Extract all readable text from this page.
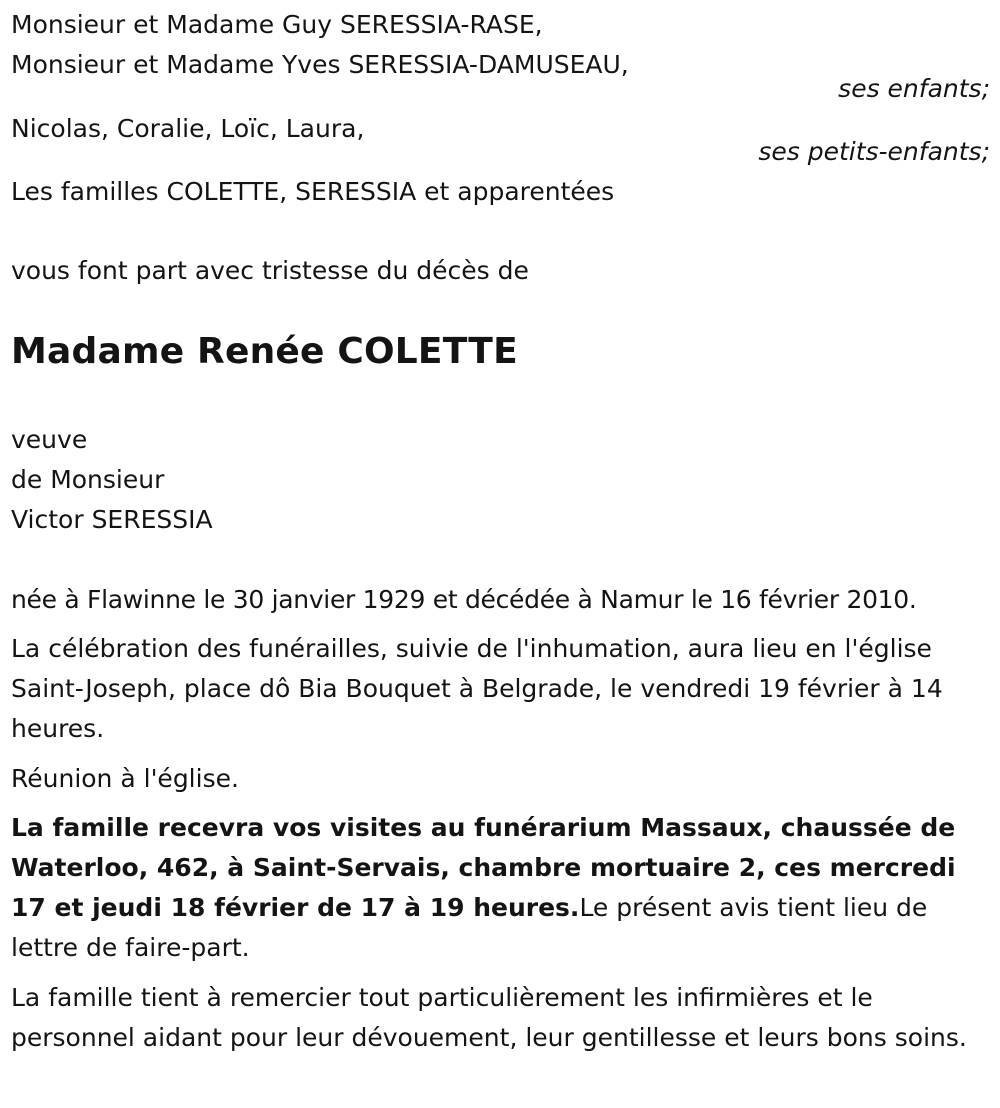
Monsieur et Madame Guy SERESSIA-RASE,
Monsieur et Madame Yves SERESSIA-DAMUSEAU,
ses enfants;
Nicolas, Coralie, Loïc, Laura,
ses petits-enfants;
Les familles COLETTE, SERESSIA et apparentées
vous font part avec tristesse du décès de
Madame Renée COLETTE
veuve
de Monsieur
Victor SERESSIA
née à Flawinne le 30 janvier 1929 et décédée à Namur le 16 février 2010.
La célébration des funérailles, suivie de l'inhumation, aura lieu en l'église Saint-Joseph, place dô Bia Bouquet à Belgrade, le vendredi 19 février à 14 heures.
Réunion à l'église.
La famille recevra vos visites au funérarium Massaux, chaussée de Waterloo, 462, à Saint-Servais, chambre mortuaire 2, ces mercredi 17 et jeudi 18 février de 17 à 19 heures.Le présent avis tient lieu de lettre de faire-part.
La famille tient à remercier tout particulièrement les infirmières et le personnel aidant pour leur dévouement, leur gentillesse et leurs bons soins.
